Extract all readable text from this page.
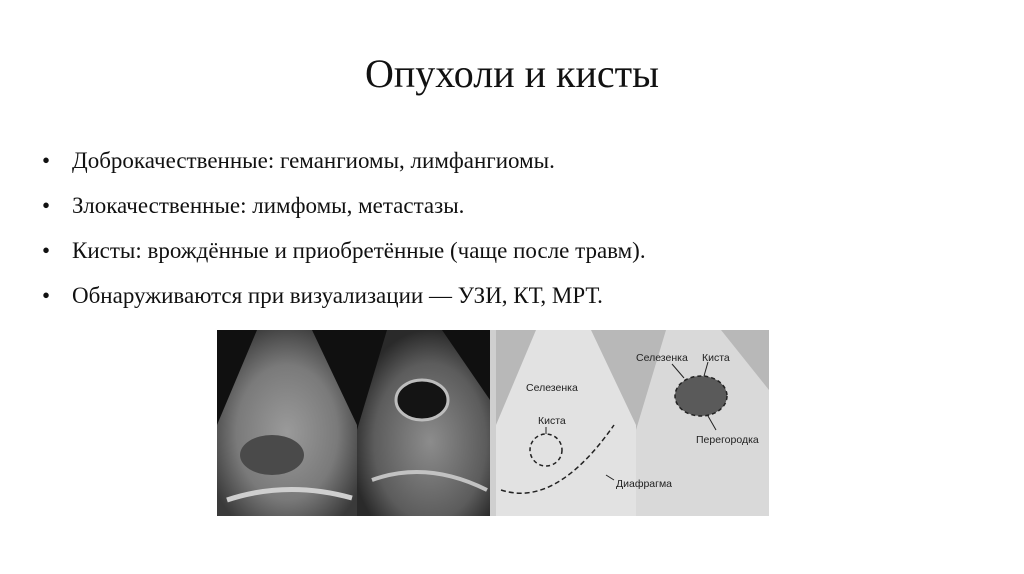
Опухоли и кисты
• Доброкачественные: гемангиомы, лимфангиомы.
• Злокачественные: лимфомы, метастазы.
• Кисты: врождённые и приобретённые (чаще после травм).
• Обнаруживаются при визуализации — УЗИ, КТ, МРТ.
Селезенка
Киста
Диафрагма
Селезенка Киста
Перегородка
